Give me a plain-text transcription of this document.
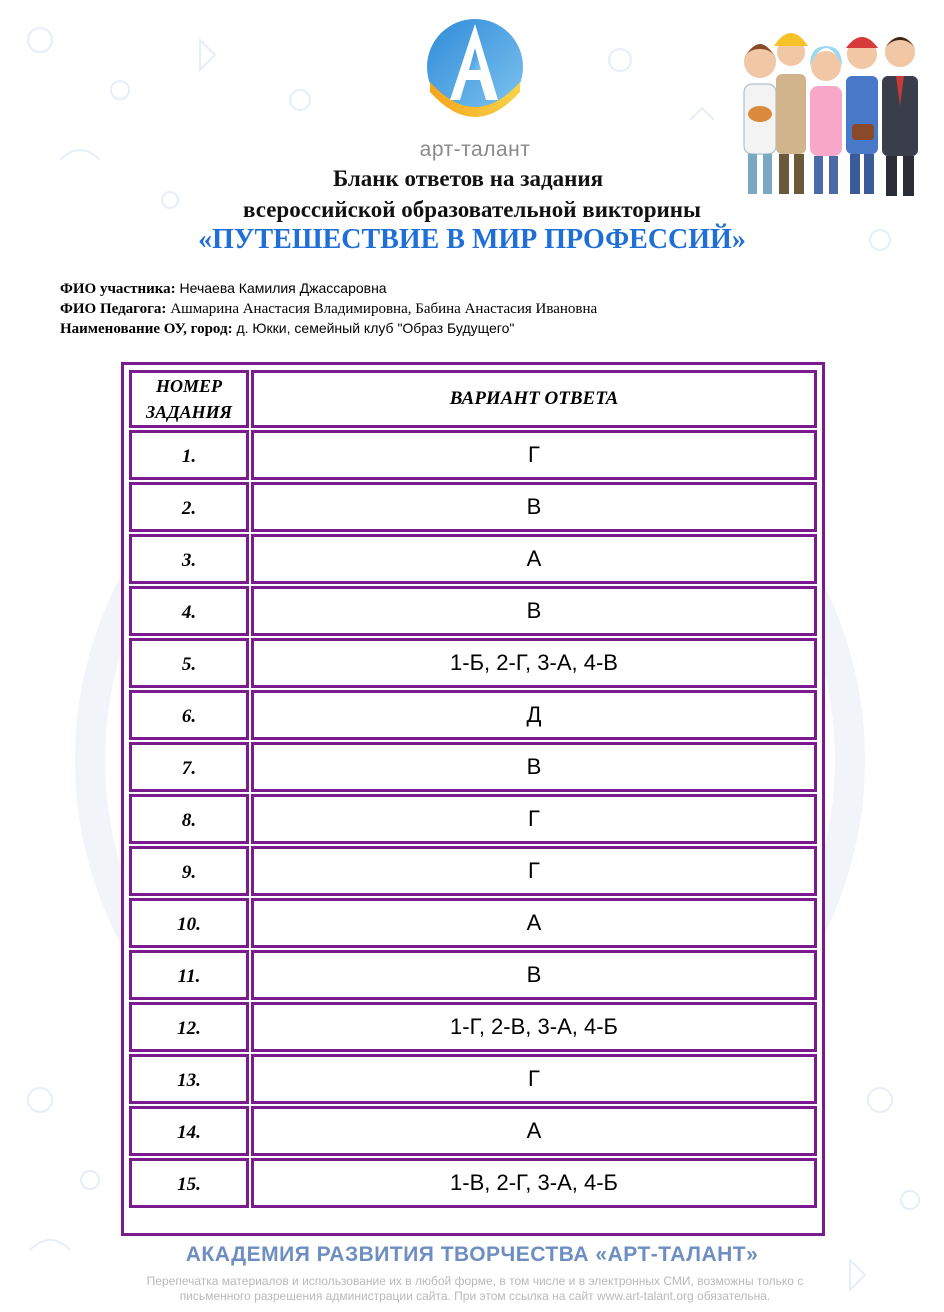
арт-талант
Бланк ответов на задания
всероссийской образовательной викторины
«ПУТЕШЕСТВИЕ В МИР ПРОФЕССИЙ»
ФИО участника: Нечаева Камилия Джассаровна
ФИО Педагога: Ашмарина Анастасия Владимировна, Бабина Анастасия Ивановна
Наименование ОУ, город: д. Юкки, семейный клуб "Образ Будущего"
НОМЕР
ЗАДАНИЯ	ВАРИАНТ ОТВЕТА
1.	Г
2.	В
3.	А
4.	В
5.	1-Б, 2-Г, 3-А, 4-В
6.	Д
7.	В
8.	Г
9.	Г
10.	А
11.	В
12.	1-Г, 2-В, 3-А, 4-Б
13.	Г
14.	А
15.	1-В, 2-Г, 3-А, 4-Б
АКАДЕМИЯ РАЗВИТИЯ ТВОРЧЕСТВА «АРТ-ТАЛАНТ»
Перепечатка материалов и использование их в любой форме, в том числе и в электронных СМИ, возможны только с
письменного разрешения администрации сайта. При этом ссылка на сайт www.art-talant.org обязательна.
